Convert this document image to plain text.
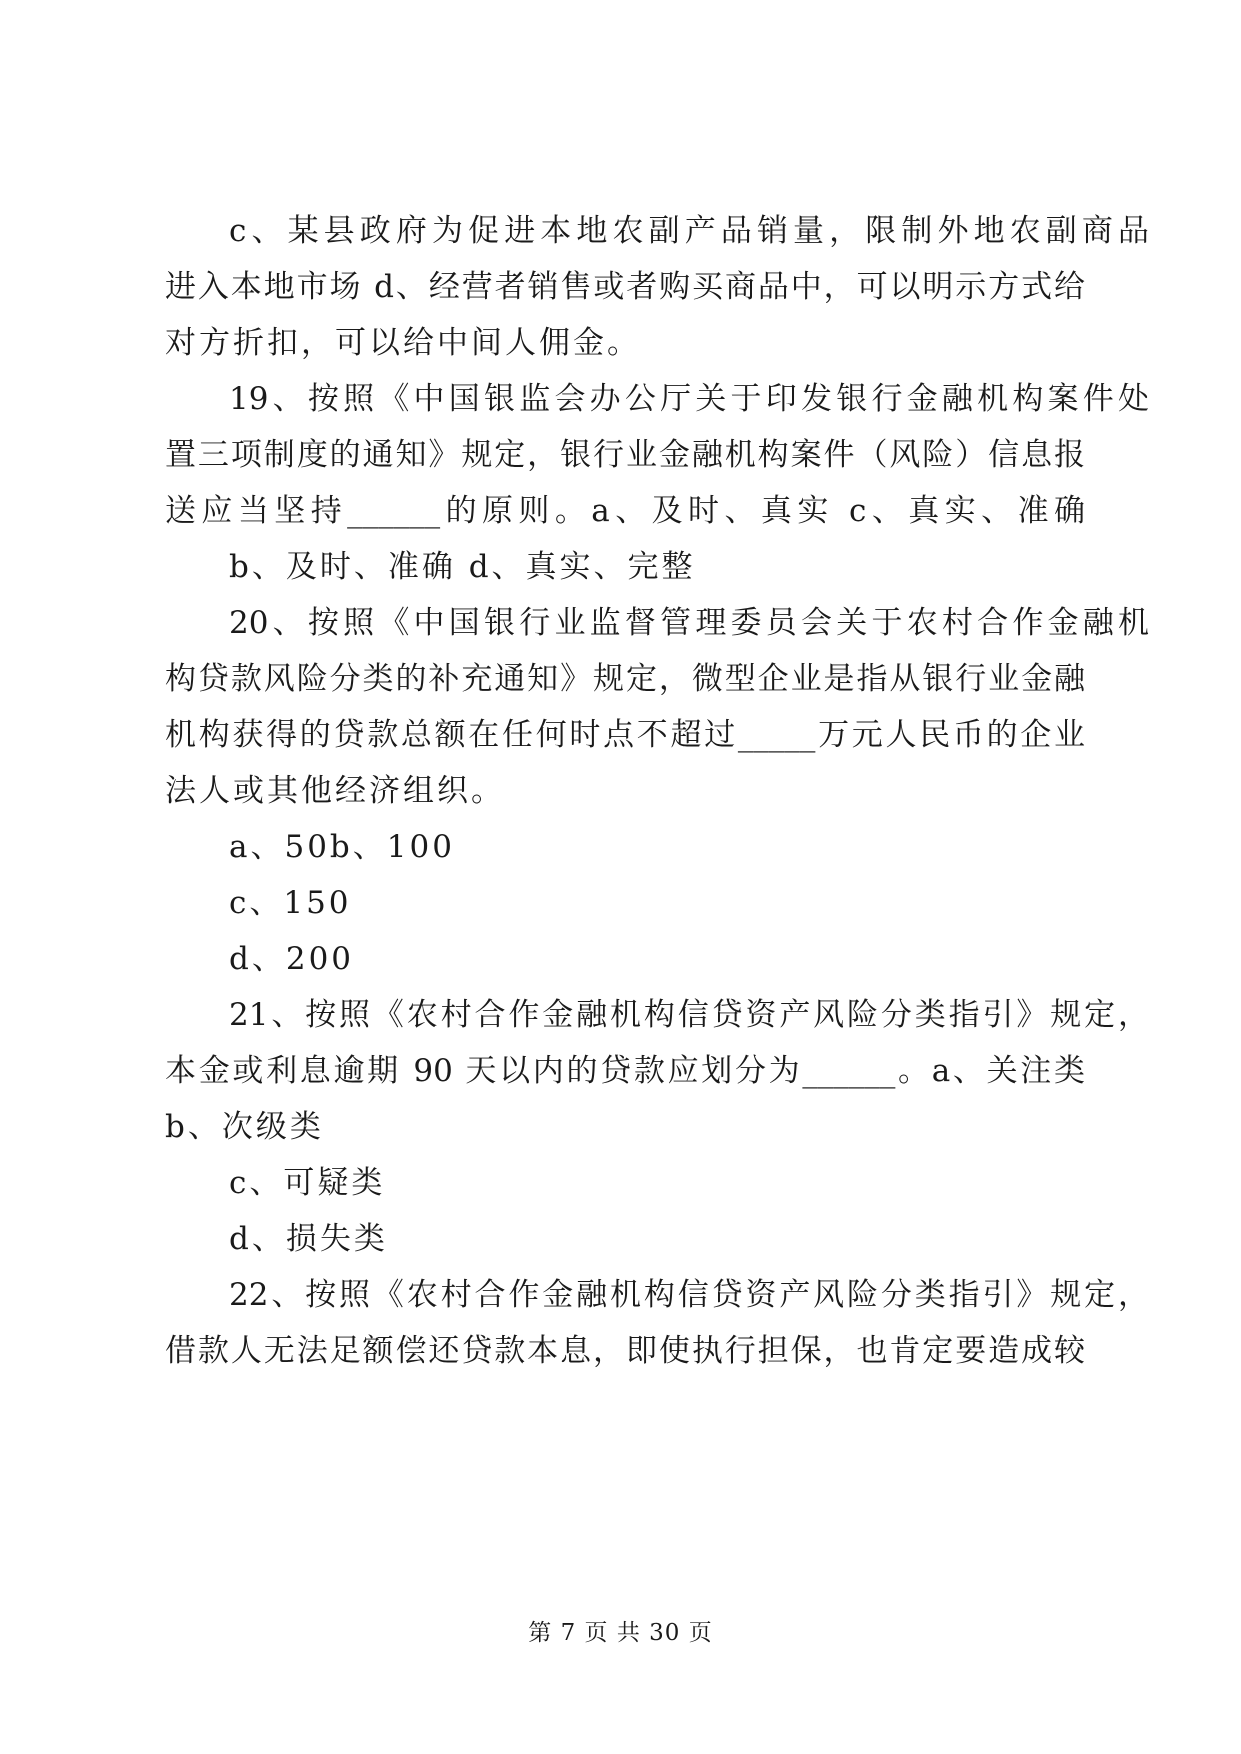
c、某县政府为促进本地农副产品销量，限制外地农副商品
进入本地市场 d、经营者销售或者购买商品中，可以明示方式给
对方折扣，可以给中间人佣金。
19、按照《中国银监会办公厅关于印发银行金融机构案件处
置三项制度的通知》规定，银行业金融机构案件（风险）信息报
送应当坚持______的原则。a、及时、真实 c、真实、准确
b、及时、准确 d、真实、完整
20、按照《中国银行业监督管理委员会关于农村合作金融机
构贷款风险分类的补充通知》规定，微型企业是指从银行业金融
机构获得的贷款总额在任何时点不超过_____万元人民币的企业
法人或其他经济组织。
a、50b、100
c、150
d、200
21、按照《农村合作金融机构信贷资产风险分类指引》规定，
本金或利息逾期 90 天以内的贷款应划分为______。a、关注类
b、次级类
c、可疑类
d、损失类
22、按照《农村合作金融机构信贷资产风险分类指引》规定，
借款人无法足额偿还贷款本息，即使执行担保，也肯定要造成较
第 7 页 共 30 页
